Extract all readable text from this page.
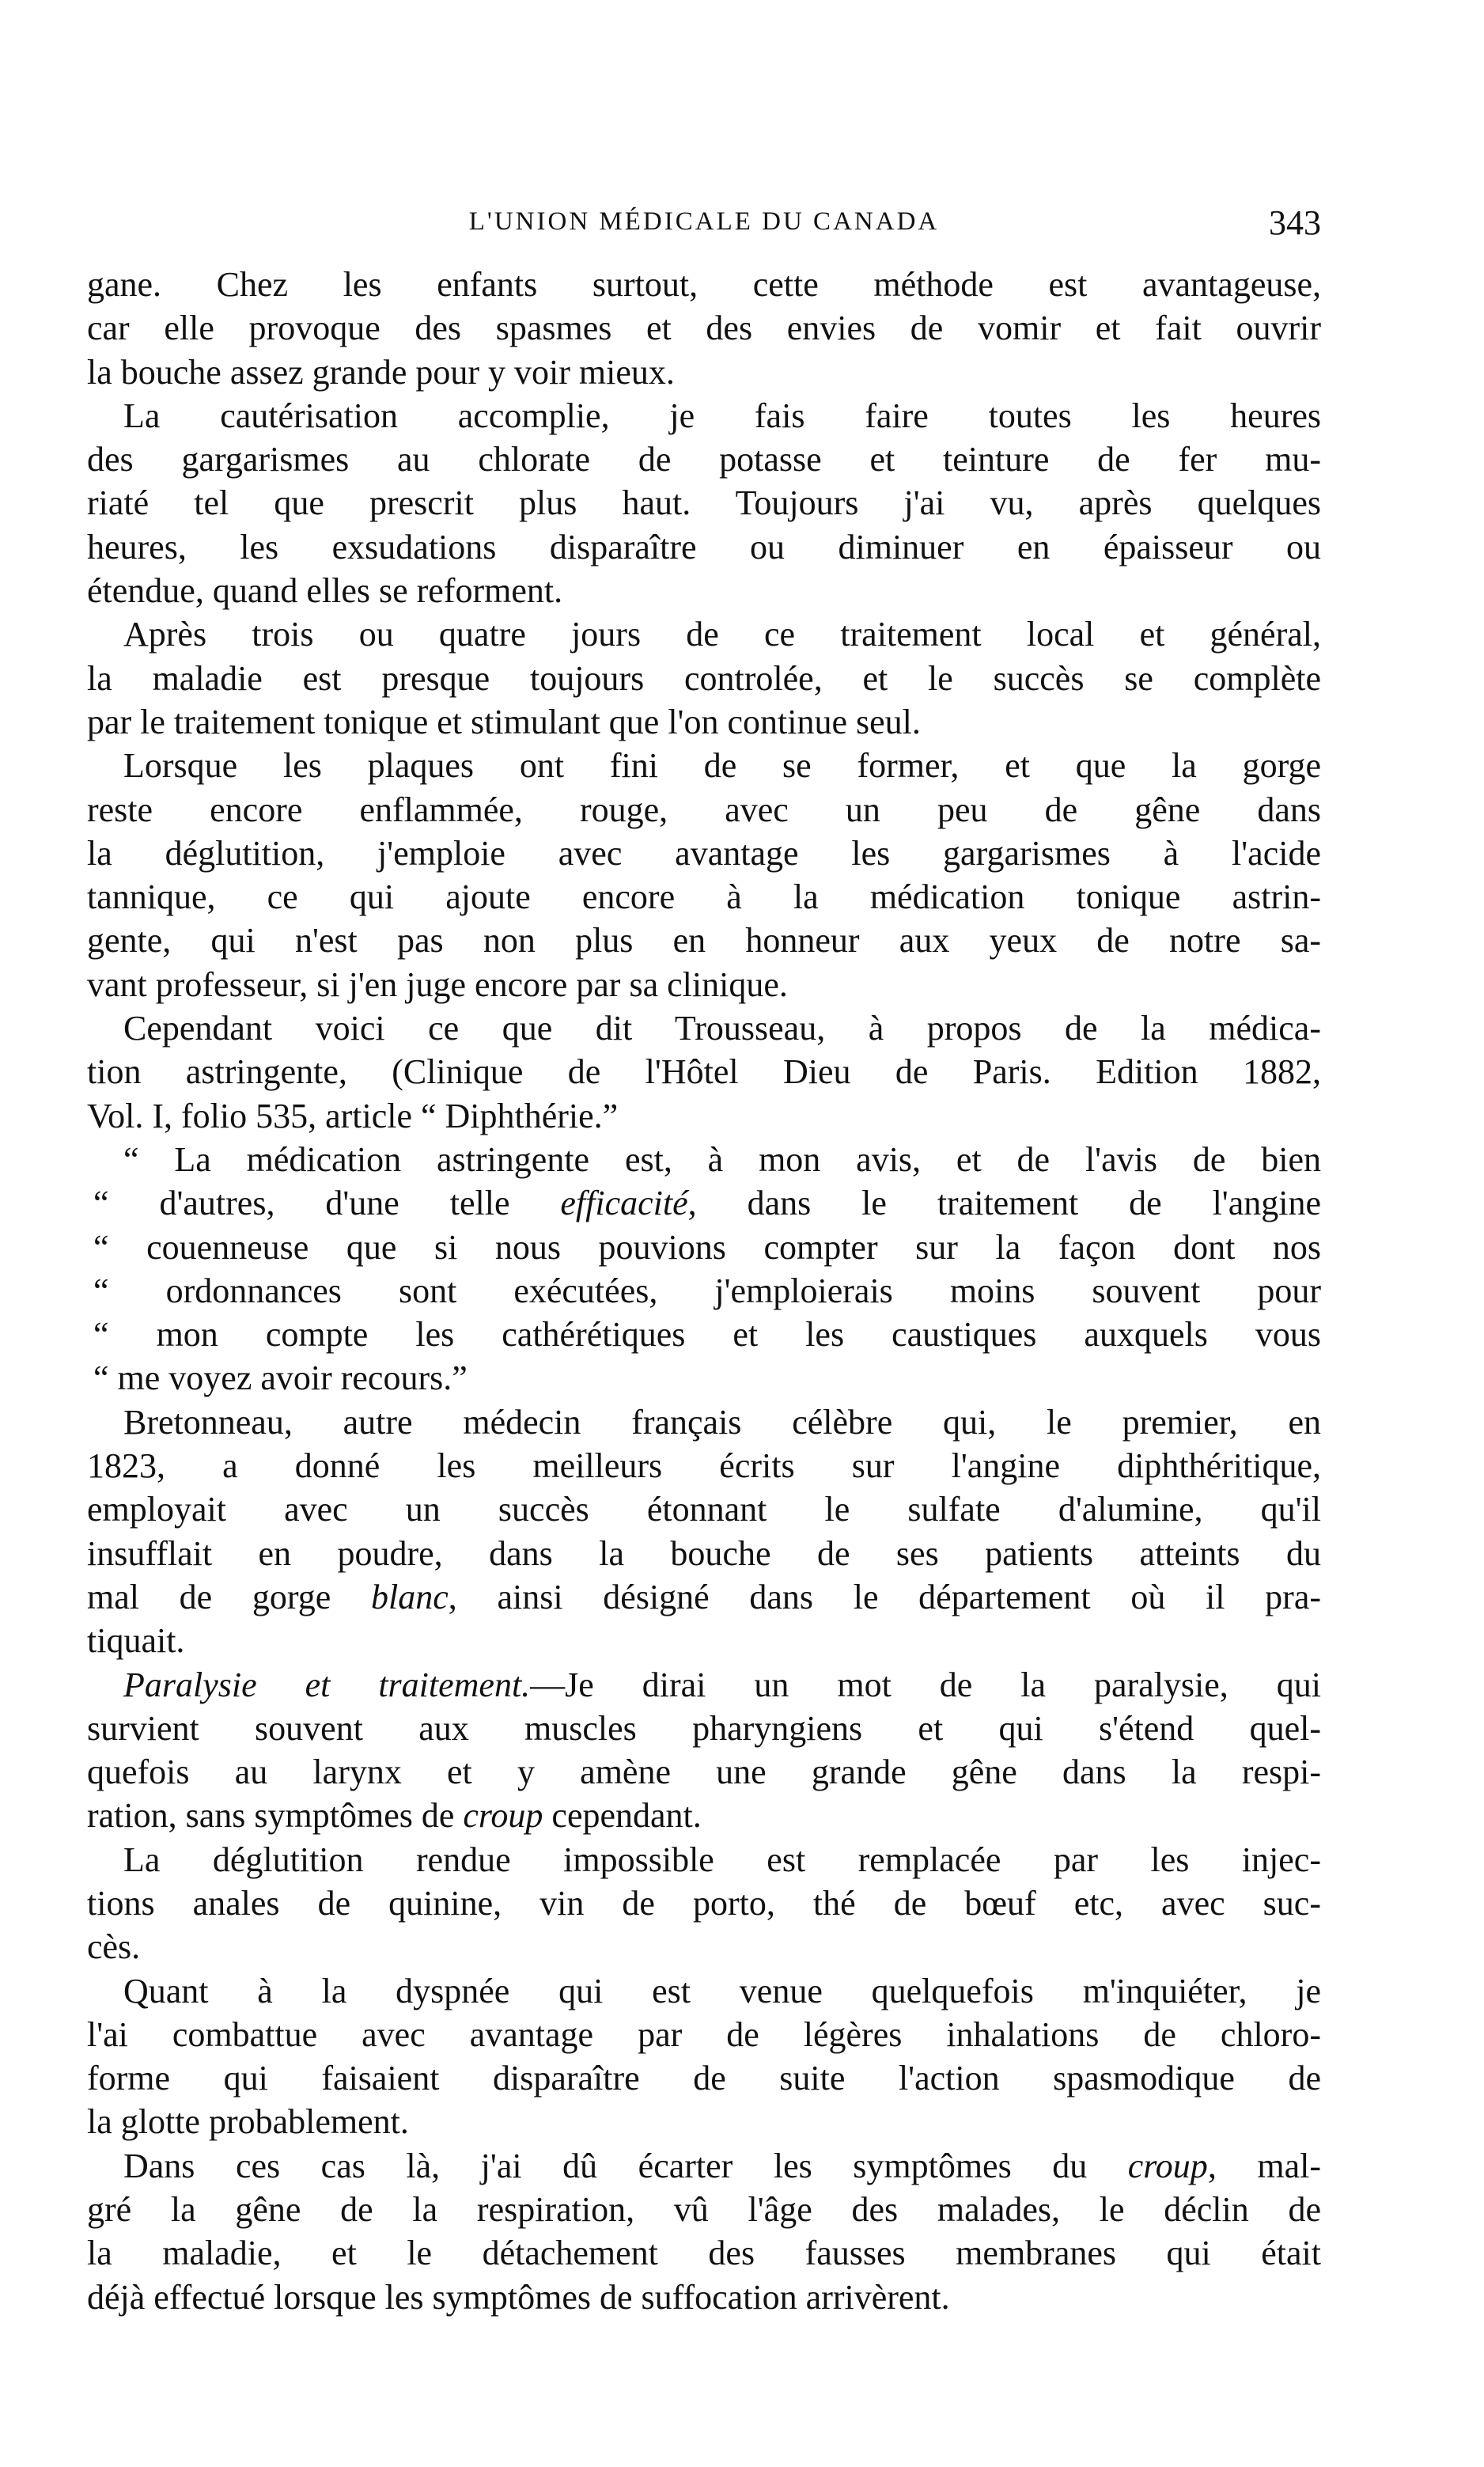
L'UNION MÉDICALE DU CANADA	343
gane. Chez les enfants surtout, cette méthode est avantageuse,
car elle provoque des spasmes et des envies de vomir et fait ouvrir
la bouche assez grande pour y voir mieux.
La cautérisation accomplie, je fais faire toutes les heures
des gargarismes au chlorate de potasse et teinture de fer mu-
riaté tel que prescrit plus haut. Toujours j'ai vu, après quelques
heures, les exsudations disparaître ou diminuer en épaisseur ou
étendue, quand elles se reforment.
Après trois ou quatre jours de ce traitement local et général,
la maladie est presque toujours controlée, et le succès se complète
par le traitement tonique et stimulant que l'on continue seul.
Lorsque les plaques ont fini de se former, et que la gorge
reste encore enflammée, rouge, avec un peu de gêne dans
la déglutition, j'emploie avec avantage les gargarismes à l'acide
tannique, ce qui ajoute encore à la médication tonique astrin-
gente, qui n'est pas non plus en honneur aux yeux de notre sa-
vant professeur, si j'en juge encore par sa clinique.
Cependant voici ce que dit Trousseau, à propos de la médica-
tion astringente, (Clinique de l'Hôtel Dieu de Paris. Edition 1882,
Vol. I, folio 535, article “ Diphthérie.”
“ La médication astringente est, à mon avis, et de l'avis de bien
“ d'autres, d'une telle efficacité, dans le traitement de l'angine
“ couenneuse que si nous pouvions compter sur la façon dont nos
“ ordonnances sont exécutées, j'emploierais moins souvent pour
“ mon compte les cathérétiques et les caustiques auxquels vous
“ me voyez avoir recours.”
Bretonneau, autre médecin français célèbre qui, le premier, en
1823, a donné les meilleurs écrits sur l'angine diphthéritique,
employait avec un succès étonnant le sulfate d'alumine, qu'il
insufflait en poudre, dans la bouche de ses patients atteints du
mal de gorge blanc, ainsi désigné dans le département où il pra-
tiquait.
Paralysie et traitement.—Je dirai un mot de la paralysie, qui
survient souvent aux muscles pharyngiens et qui s'étend quel-
quefois au larynx et y amène une grande gêne dans la respi-
ration, sans symptômes de croup cependant.
La déglutition rendue impossible est remplacée par les injec-
tions anales de quinine, vin de porto, thé de bœuf etc, avec suc-
cès.
Quant à la dyspnée qui est venue quelquefois m'inquiéter, je
l'ai combattue avec avantage par de légères inhalations de chloro-
forme qui faisaient disparaître de suite l'action spasmodique de
la glotte probablement.
Dans ces cas là, j'ai dû écarter les symptômes du croup, mal-
gré la gêne de la respiration, vû l'âge des malades, le déclin de
la maladie, et le détachement des fausses membranes qui était
déjà effectué lorsque les symptômes de suffocation arrivèrent.
